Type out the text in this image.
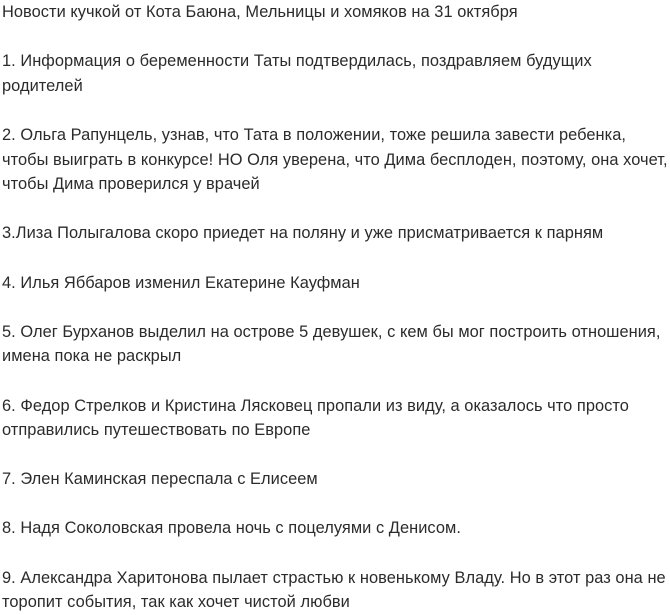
Новости кучкой от Кота Баюна, Мельницы и хомяков на 31 октября

1. Информация о беременности Таты подтвердилась, поздравляем будущих родителей

2. Ольга Рапунцель, узнав, что Тата в положении, тоже решила завести ребенка, чтобы выиграть в конкурсе! НО Оля уверена, что Дима бесплоден, поэтому, она хочет, чтобы Дима проверился у врачей

3.Лиза Полыгалова скоро приедет на поляну и уже присматривается к парням

4. Илья Яббаров изменил Екатерине Кауфман

5. Олег Бурханов выделил на острове 5 девушек, с кем бы мог построить отношения, имена пока не раскрыл

6. Федор Стрелков и Кристина Лясковец пропали из виду, а оказалось что просто отправились путешествовать по Европе

7. Элен Каминская переспала с Елисеем

8. Надя Соколовская провела ночь с поцелуями с Денисом.

9. Александра Харитонова пылает страстью к новенькому Владу. Но в этот раз она не торопит события, так как хочет чистой любви
